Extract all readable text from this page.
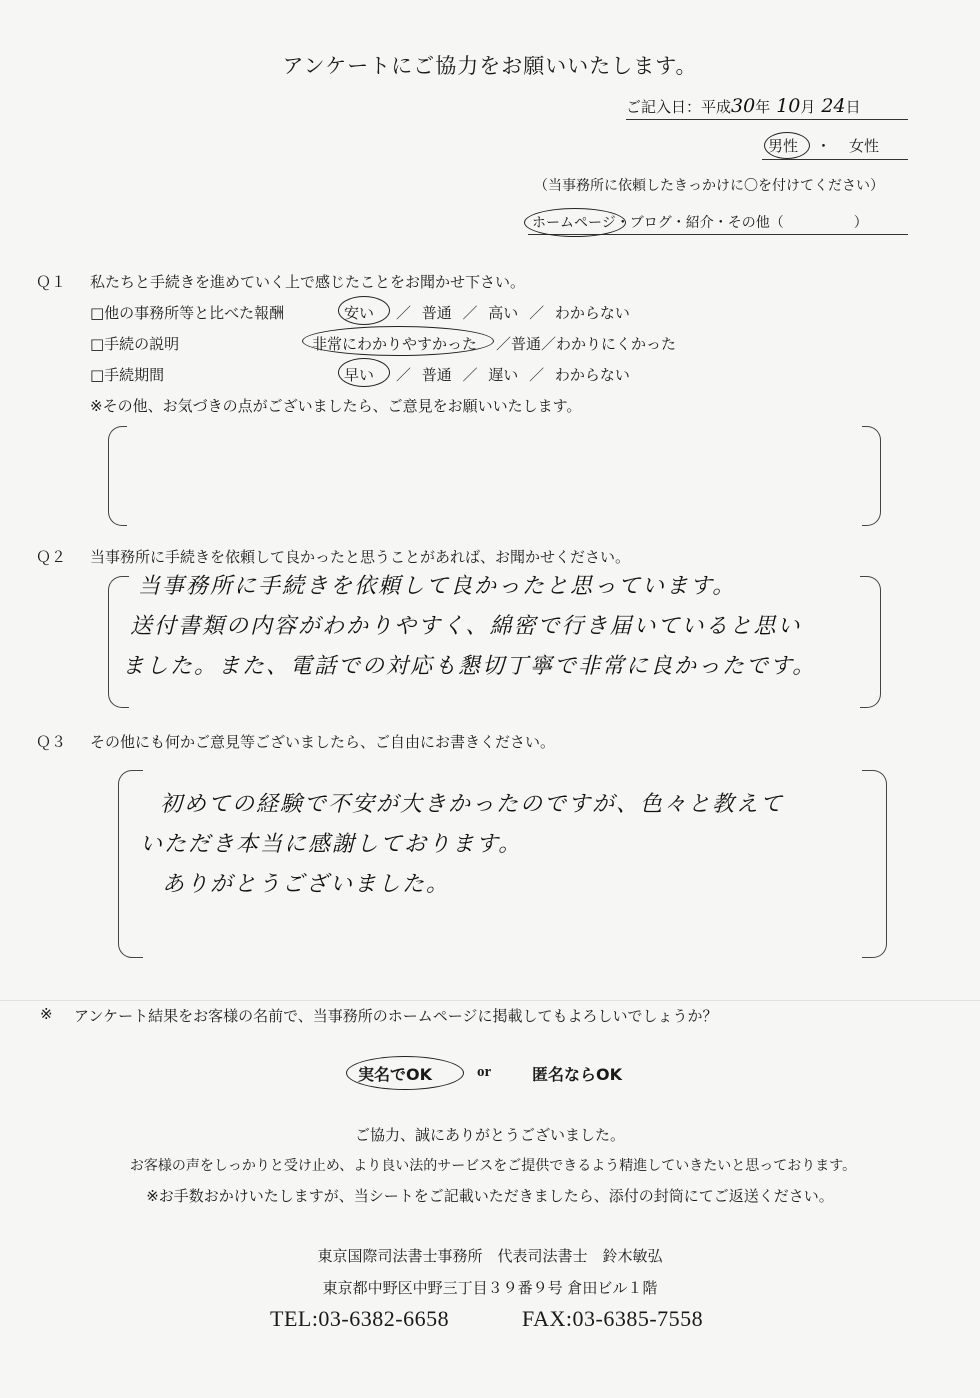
アンケートにご協力をお願いいたします。
ご記入日：平成30年 10月 24日
男性 ・ 女性
（当事務所に依頼したきっかけに〇を付けてください）
ホームページ・ブログ・紹介・その他（　　　　　）
Ｑ１ 私たちと手続きを進めていく上で感じたことをお聞かせ下さい。
□他の事務所等と比べた報酬	安い ／ 普通 ／ 高い ／ わからない
□手続の説明	非常にわかりやすかった ／普通／わかりにくかった
□手続期間	早い ／ 普通 ／ 遅い ／ わからない
※その他、お気づきの点がございましたら、ご意見をお願いいたします。
Ｑ２ 当事務所に手続きを依頼して良かったと思うことがあれば、お聞かせください。
当事務所に手続きを依頼して良かったと思っています。
送付書類の内容がわかりやすく、綿密で行き届いていると思い
ました。また、電話での対応も懇切丁寧で非常に良かったです。
Ｑ３ その他にも何かご意見等ございましたら、ご自由にお書きください。
初めての経験で不安が大きかったのですが、色々と教えて
いただき本当に感謝しております。
ありがとうございました。
※ アンケート結果をお客様の名前で、当事務所のホームページに掲載してもよろしいでしょうか？
実名でOK	or	匿名ならOK
ご協力、誠にありがとうございました。
お客様の声をしっかりと受け止め、より良い法的サービスをご提供できるよう精進していきたいと思っております。
※お手数おかけいたしますが、当シートをご記載いただきましたら、添付の封筒にてご返送ください。
東京国際司法書士事務所　代表司法書士　鈴木敏弘
東京都中野区中野三丁目３９番９号 倉田ビル１階
TEL:03-6382-6658	FAX:03-6385-7558
